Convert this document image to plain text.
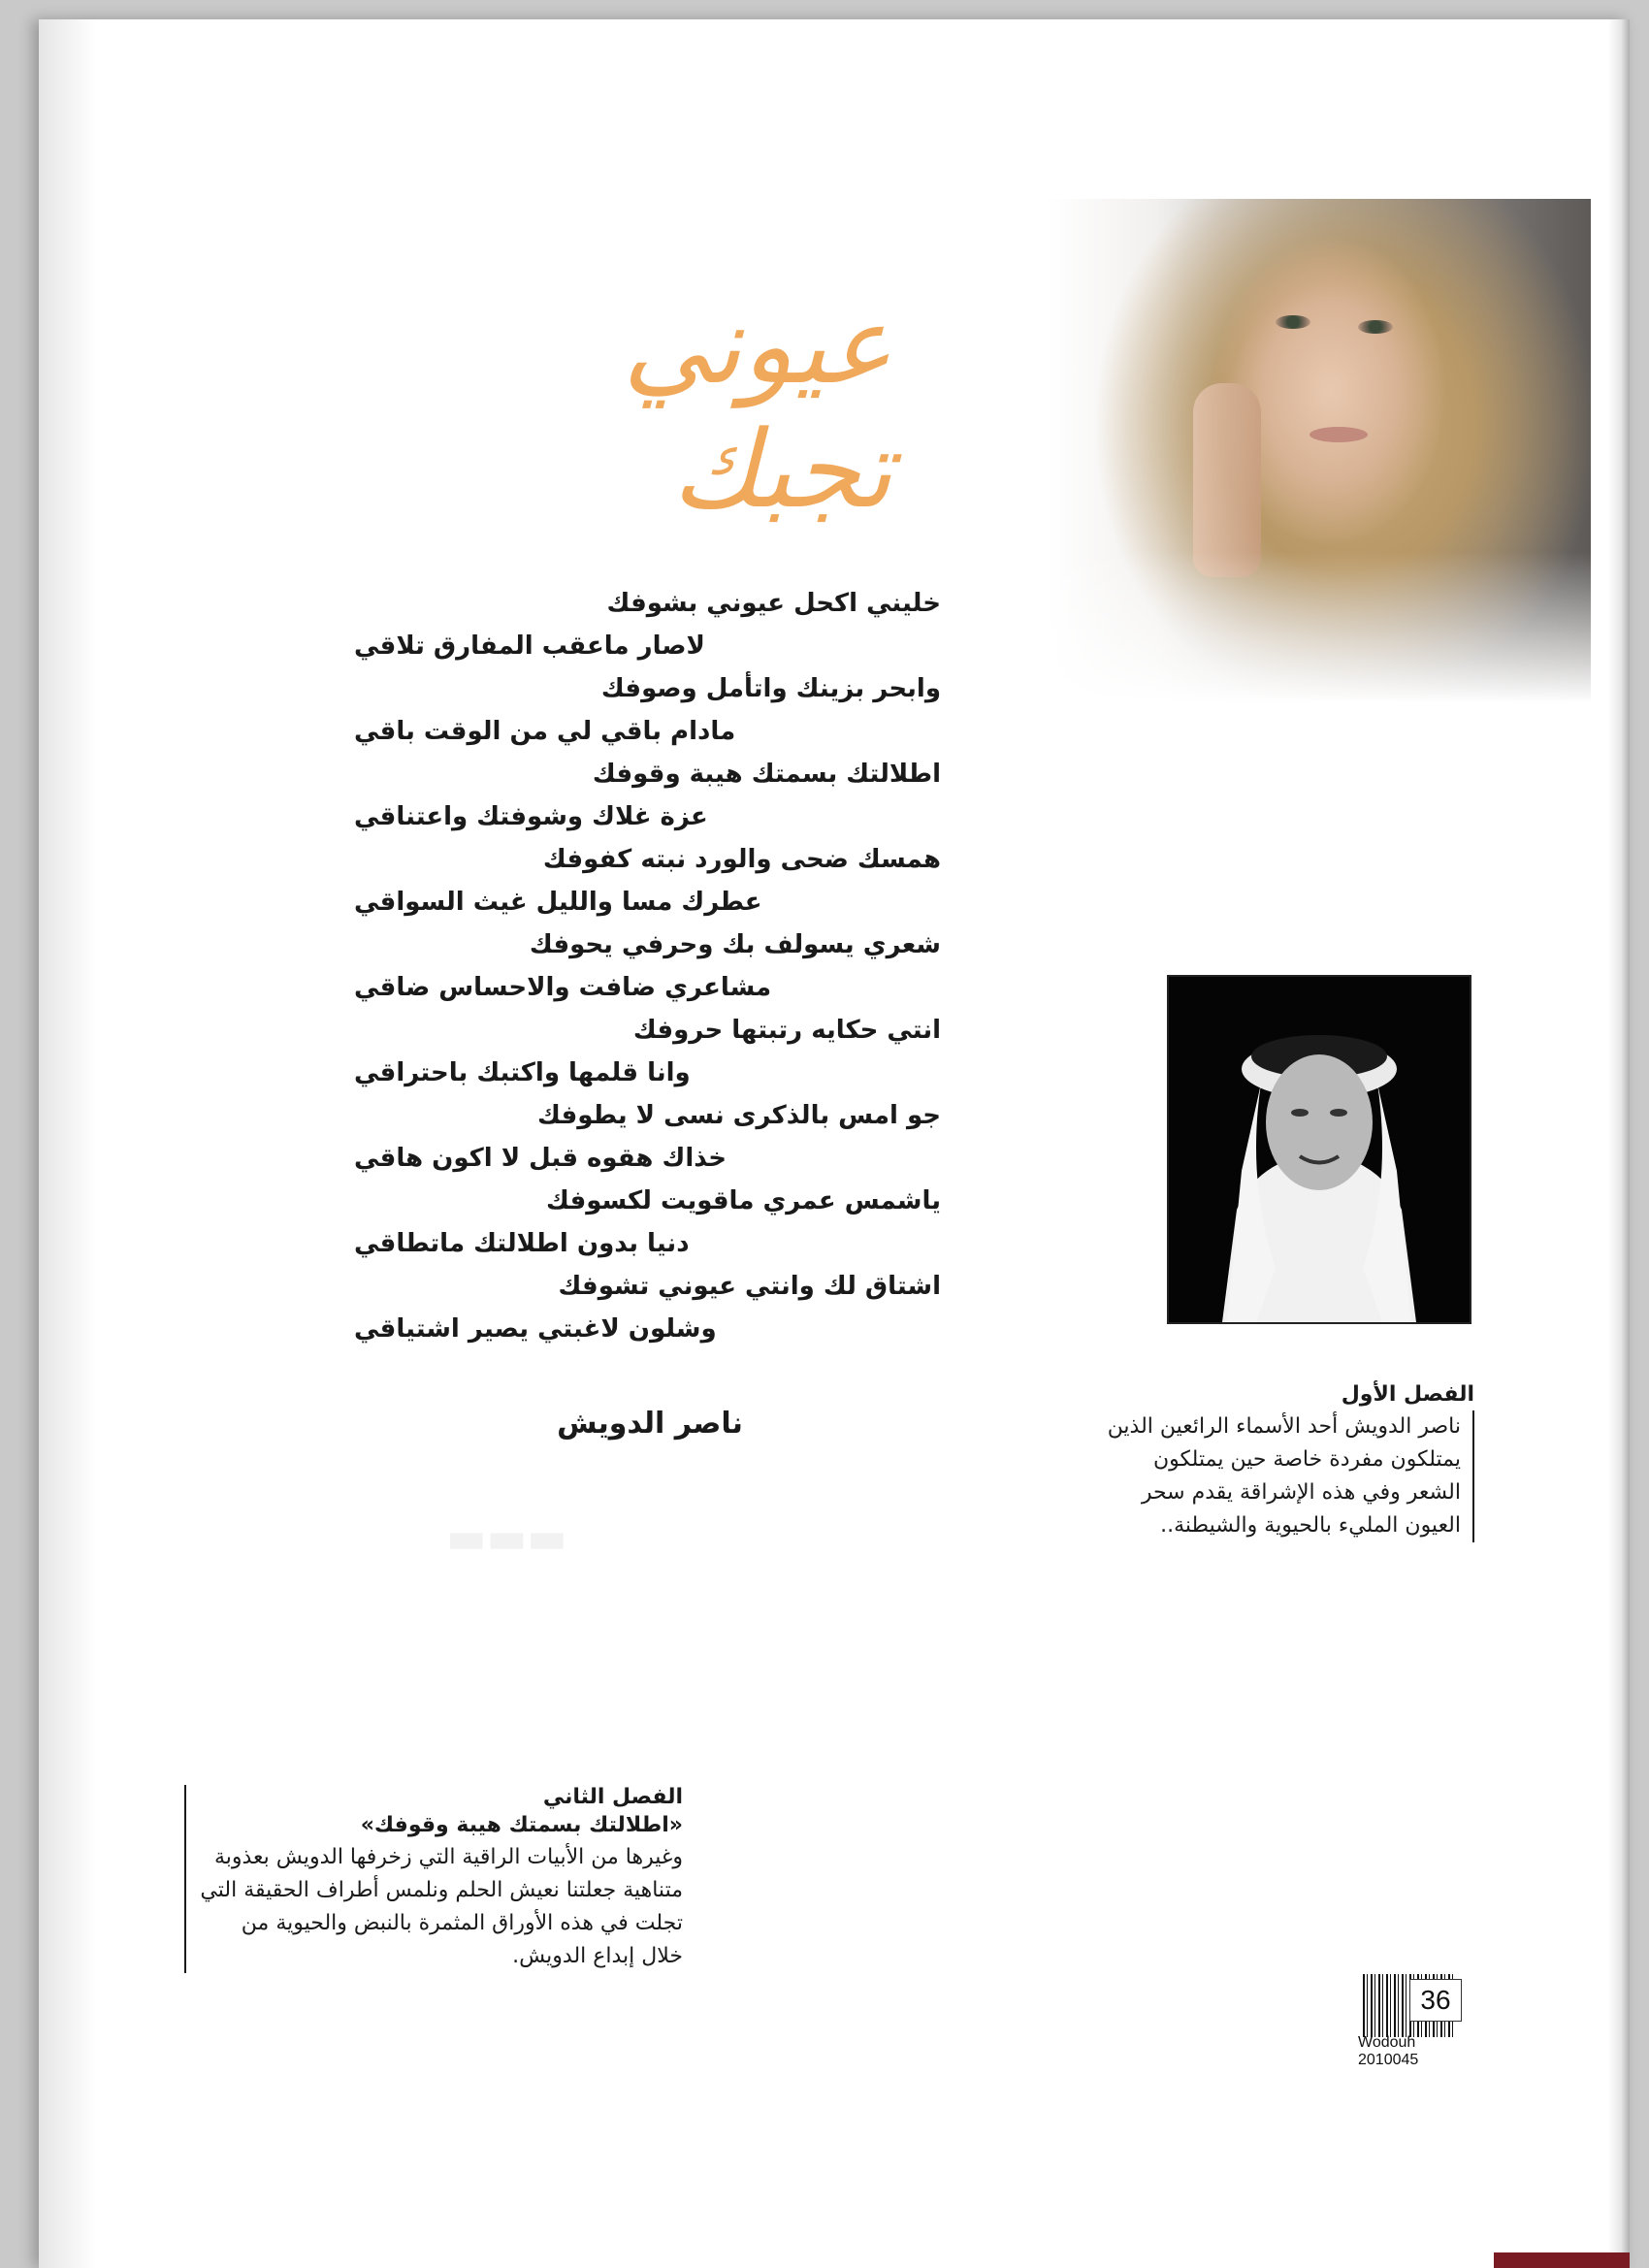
▬▬▬
عيوني تجبك
خليني اكحل عيوني بشوفك
لاصار ماعقب المفارق تلاقي
وابحر بزينك واتأمل وصوفك
مادام باقي لي من الوقت باقي
اطلالتك بسمتك هيبة وقوفك
عزة غلاك وشوفتك واعتناقي
همسك ضحى والورد نبته كفوفك
عطرك مسا والليل غيث السواقي
شعري يسولف بك وحرفي يحوفك
مشاعري ضافت والاحساس ضاقي
انتي حكايه رتبتها حروفك
وانا قلمها واكتبك باحتراقي
جو امس بالذكرى نسى لا يطوفك
خذاك هقوه قبل لا اكون هاقي
ياشمس عمري ماقويت لكسوفك
دنيا بدون اطلالتك ماتطاقي
اشتاق لك وانتي عيوني تشوفك
وشلون لاغبتي يصير اشتياقي
ناصر الدويش
الفصل الأول
ناصر الدويش أحد الأسماء الرائعين الذين يمتلكون مفردة خاصة حين يمتلكون الشعر وفي هذه الإشراقة يقدم سحر العيون المليء بالحيوية والشيطنة..
الفصل الثاني
«اطلالتك بسمتك هيبة وقوفك»
وغيرها من الأبيات الراقية التي زخرفها الدويش بعذوبة متناهية جعلتنا نعيش الحلم ونلمس أطراف الحقيقة التي تجلت في هذه الأوراق المثمرة بالنبض والحيوية من خلال إبداع الدويش.
36
Wodouh 2010045
